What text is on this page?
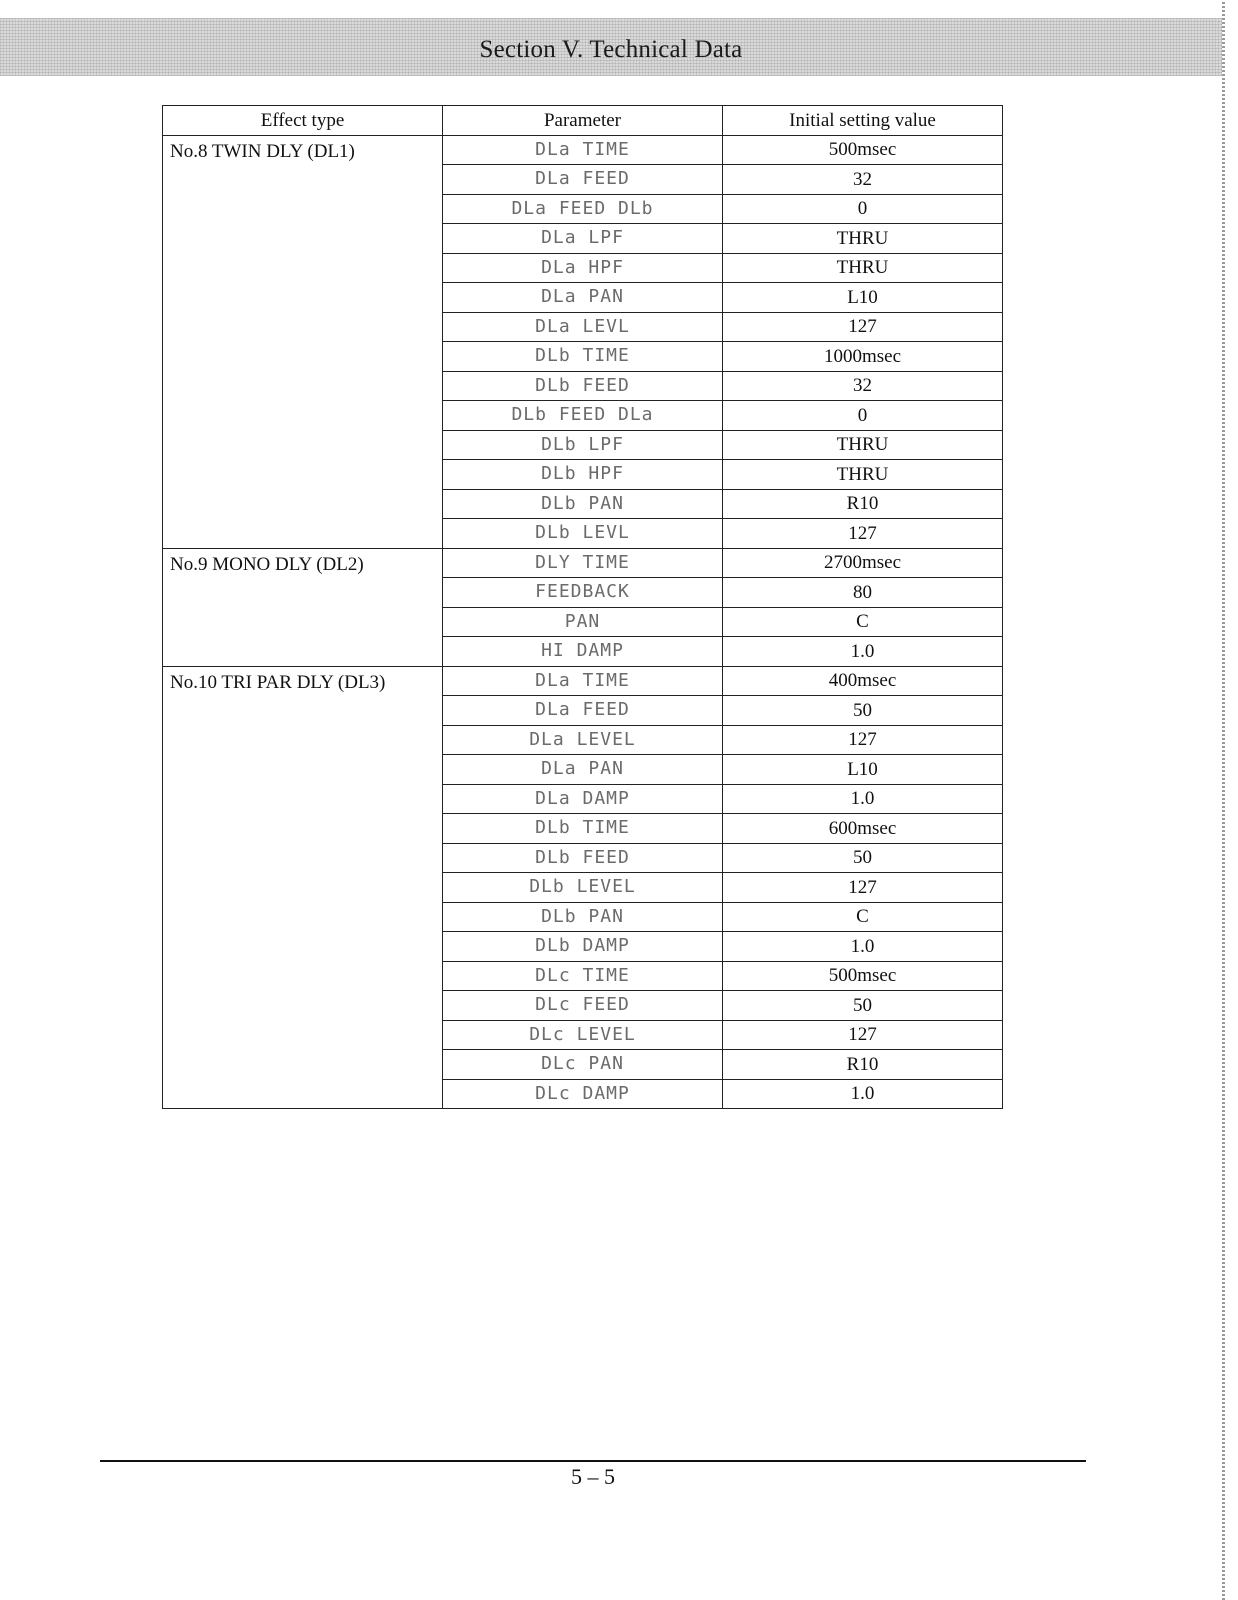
Section V. Technical Data
Effect type	Parameter	Initial setting value
No.8 TWIN DLY (DL1)	DLa TIME	500msec
	DLa FEED	32
	DLa FEED DLb	0
	DLa LPF	THRU
	DLa HPF	THRU
	DLa PAN	L10
	DLa LEVL	127
	DLb TIME	1000msec
	DLb FEED	32
	DLb FEED DLa	0
	DLb LPF	THRU
	DLb HPF	THRU
	DLb PAN	R10
	DLb LEVL	127
No.9 MONO DLY (DL2)	DLY TIME	2700msec
	FEEDBACK	80
	PAN	C
	HI DAMP	1.0
No.10 TRI PAR DLY (DL3)	DLa TIME	400msec
	DLa FEED	50
	DLa LEVEL	127
	DLa PAN	L10
	DLa DAMP	1.0
	DLb TIME	600msec
	DLb FEED	50
	DLb LEVEL	127
	DLb PAN	C
	DLb DAMP	1.0
	DLc TIME	500msec
	DLc FEED	50
	DLc LEVEL	127
	DLc PAN	R10
	DLc DAMP	1.0
5 – 5
